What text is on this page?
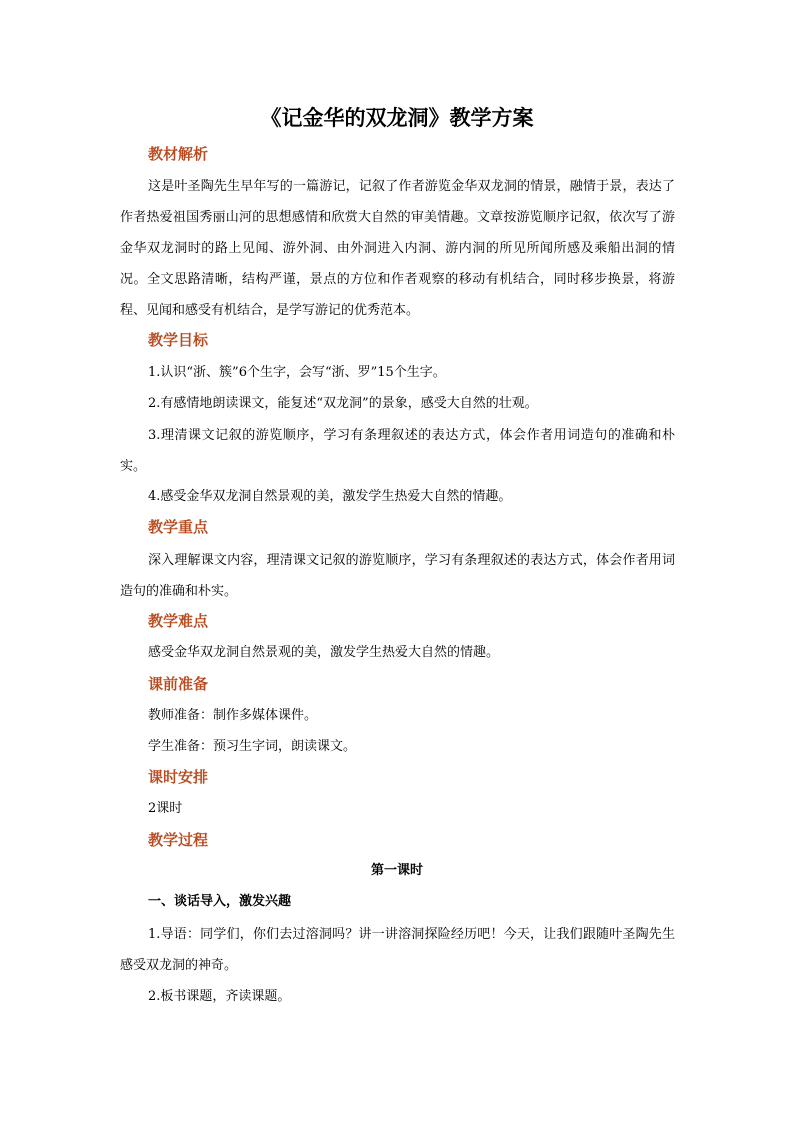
《记金华的双龙洞》教学方案
教材解析
这是叶圣陶先生早年写的一篇游记，记叙了作者游览金华双龙洞的情景，融情于景，表达了作者热爱祖国秀丽山河的思想感情和欣赏大自然的审美情趣。文章按游览顺序记叙，依次写了游金华双龙洞时的路上见闻、游外洞、由外洞进入内洞、游内洞的所见所闻所感及乘船出洞的情况。全文思路清晰，结构严谨，景点的方位和作者观察的移动有机结合，同时移步换景，将游程、见闻和感受有机结合，是学写游记的优秀范本。
教学目标
1.认识“浙、簇”6个生字，会写“浙、罗”15个生字。
2.有感情地朗读课文，能复述“双龙洞”的景象，感受大自然的壮观。
3.理清课文记叙的游览顺序，学习有条理叙述的表达方式，体会作者用词造句的准确和朴实。
4.感受金华双龙洞自然景观的美，激发学生热爱大自然的情趣。
教学重点
深入理解课文内容，理清课文记叙的游览顺序，学习有条理叙述的表达方式，体会作者用词造句的准确和朴实。
教学难点
感受金华双龙洞自然景观的美，激发学生热爱大自然的情趣。
课前准备
教师准备：制作多媒体课件。
学生准备：预习生字词，朗读课文。
课时安排
2课时
教学过程
第一课时
一、谈话导入，激发兴趣
1.导语：同学们，你们去过溶洞吗？讲一讲溶洞探险经历吧！今天，让我们跟随叶圣陶先生感受双龙洞的神奇。
2.板书课题，齐读课题。
